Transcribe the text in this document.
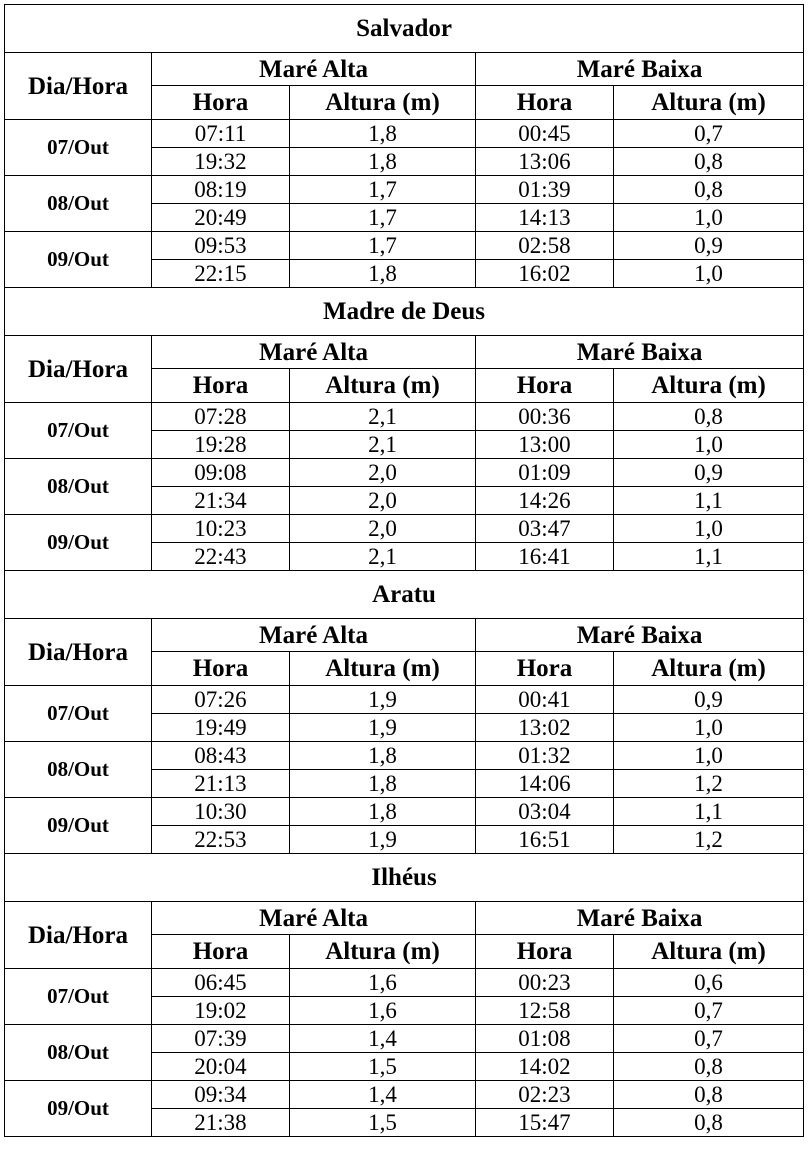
Salvador				
Dia/Hora	Maré Alta		Maré Baixa	
	Hora	Altura (m)	Hora	Altura (m)
07/Out	07:11	1,8	00:45	0,7
	19:32	1,8	13:06	0,8
08/Out	08:19	1,7	01:39	0,8
	20:49	1,7	14:13	1,0
09/Out	09:53	1,7	02:58	0,9
	22:15	1,8	16:02	1,0
Madre de Deus				
Dia/Hora	Maré Alta		Maré Baixa	
	Hora	Altura (m)	Hora	Altura (m)
07/Out	07:28	2,1	00:36	0,8
	19:28	2,1	13:00	1,0
08/Out	09:08	2,0	01:09	0,9
	21:34	2,0	14:26	1,1
09/Out	10:23	2,0	03:47	1,0
	22:43	2,1	16:41	1,1
Aratu				
Dia/Hora	Maré Alta		Maré Baixa	
	Hora	Altura (m)	Hora	Altura (m)
07/Out	07:26	1,9	00:41	0,9
	19:49	1,9	13:02	1,0
08/Out	08:43	1,8	01:32	1,0
	21:13	1,8	14:06	1,2
09/Out	10:30	1,8	03:04	1,1
	22:53	1,9	16:51	1,2
Ilhéus				
Dia/Hora	Maré Alta		Maré Baixa	
	Hora	Altura (m)	Hora	Altura (m)
07/Out	06:45	1,6	00:23	0,6
	19:02	1,6	12:58	0,7
08/Out	07:39	1,4	01:08	0,7
	20:04	1,5	14:02	0,8
09/Out	09:34	1,4	02:23	0,8
	21:38	1,5	15:47	0,8
